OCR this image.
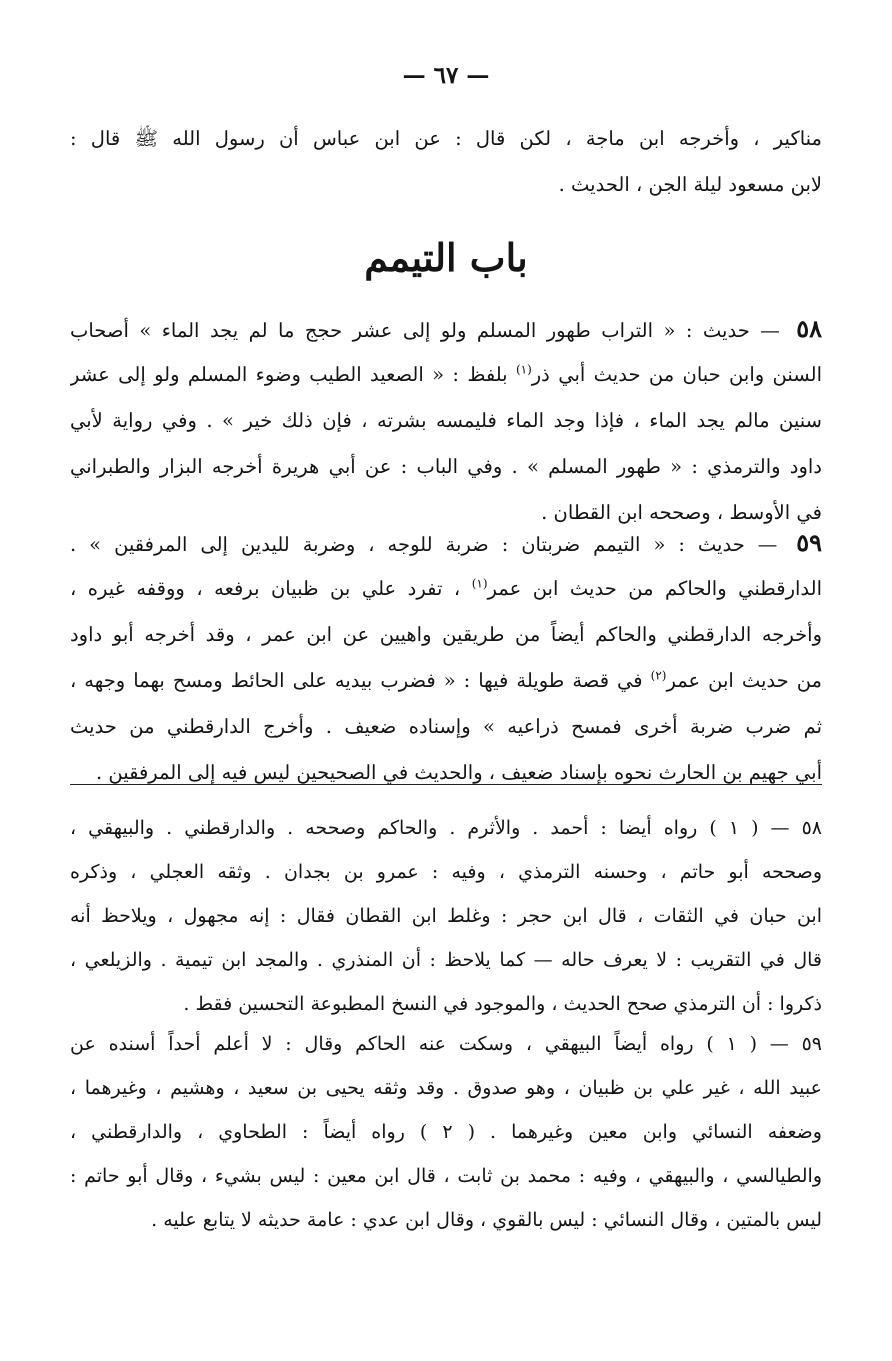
— ٦٧ —
مناكير ، وأخرجه ابن ماجة ، لكن قال : عن ابن عباس أن رسول الله ﷺ قال :
لابن مسعود ليلة الجن ، الحديث .
باب التيمم
٥٨ — حديث : « التراب طهور المسلم ولو إلى عشر حجج ما لم يجد الماء » أصحاب
السنن وابن حبان من حديث أبي ذر$^{(١)}$ بلفظ : « الصعيد الطيب وضوء المسلم ولو إلى عشر
سنين مالم يجد الماء ، فإذا وجد الماء فليمسه بشرته ، فإن ذلك خير » . وفي رواية لأبي
داود والترمذي : « طهور المسلم » . وفي الباب : عن أبي هريرة أخرجه البزار والطبراني
في الأوسط ، وصححه ابن القطان .
٥٩ — حديث : « التيمم ضربتان : ضربة للوجه ، وضربة لليدين إلى المرفقين » .
الدارقطني والحاكم من حديث ابن عمر$^{(١)}$ ، تفرد علي بن ظبيان برفعه ، ووقفه غيره ،
وأخرجه الدارقطني والحاكم أيضاً من طريقين واهيين عن ابن عمر ، وقد أخرجه أبو داود
من حديث ابن عمر$^{(٢)}$ في قصة طويلة فيها : « فضرب بيديه على الحائط ومسح بهما وجهه ،
ثم ضرب ضربة أخرى فمسح ذراعيه » وإسناده ضعيف . وأخرج الدارقطني من حديث
أبي جهيم بن الحارث نحوه بإسناد ضعيف ، والحديث في الصحيحين ليس فيه إلى المرفقين .
٥٨ — ( ١ ) رواه أيضا : أحمد . والأثرم . والحاكم وصححه . والدارقطني . والبيهقي ،
وصححه أبو حاتم ، وحسنه الترمذي ، وفيه : عمرو بن بجدان . وثقه العجلي ، وذكره
ابن حبان في الثقات ، قال ابن حجر : وغلط ابن القطان فقال : إنه مجهول ، ويلاحظ أنه
قال في التقريب : لا يعرف حاله — كما يلاحظ : أن المنذري . والمجد ابن تيمية . والزيلعي ،
ذكروا : أن الترمذي صحح الحديث ، والموجود في النسخ المطبوعة التحسين فقط .
٥٩ — ( ١ ) رواه أيضاً البيهقي ، وسكت عنه الحاكم وقال : لا أعلم أحداً أسنده عن
عبيد الله ، غير علي بن ظبيان ، وهو صدوق . وقد وثقه يحيى بن سعيد ، وهشيم ، وغيرهما ،
وضعفه النسائي وابن معين وغيرهما . ( ٢ ) رواه أيضاً : الطحاوي ، والدارقطني ،
والطيالسي ، والبيهقي ، وفيه : محمد بن ثابت ، قال ابن معين : ليس بشيء ، وقال أبو حاتم :
ليس بالمتين ، وقال النسائي : ليس بالقوي ، وقال ابن عدي : عامة حديثه لا يتابع عليه .
